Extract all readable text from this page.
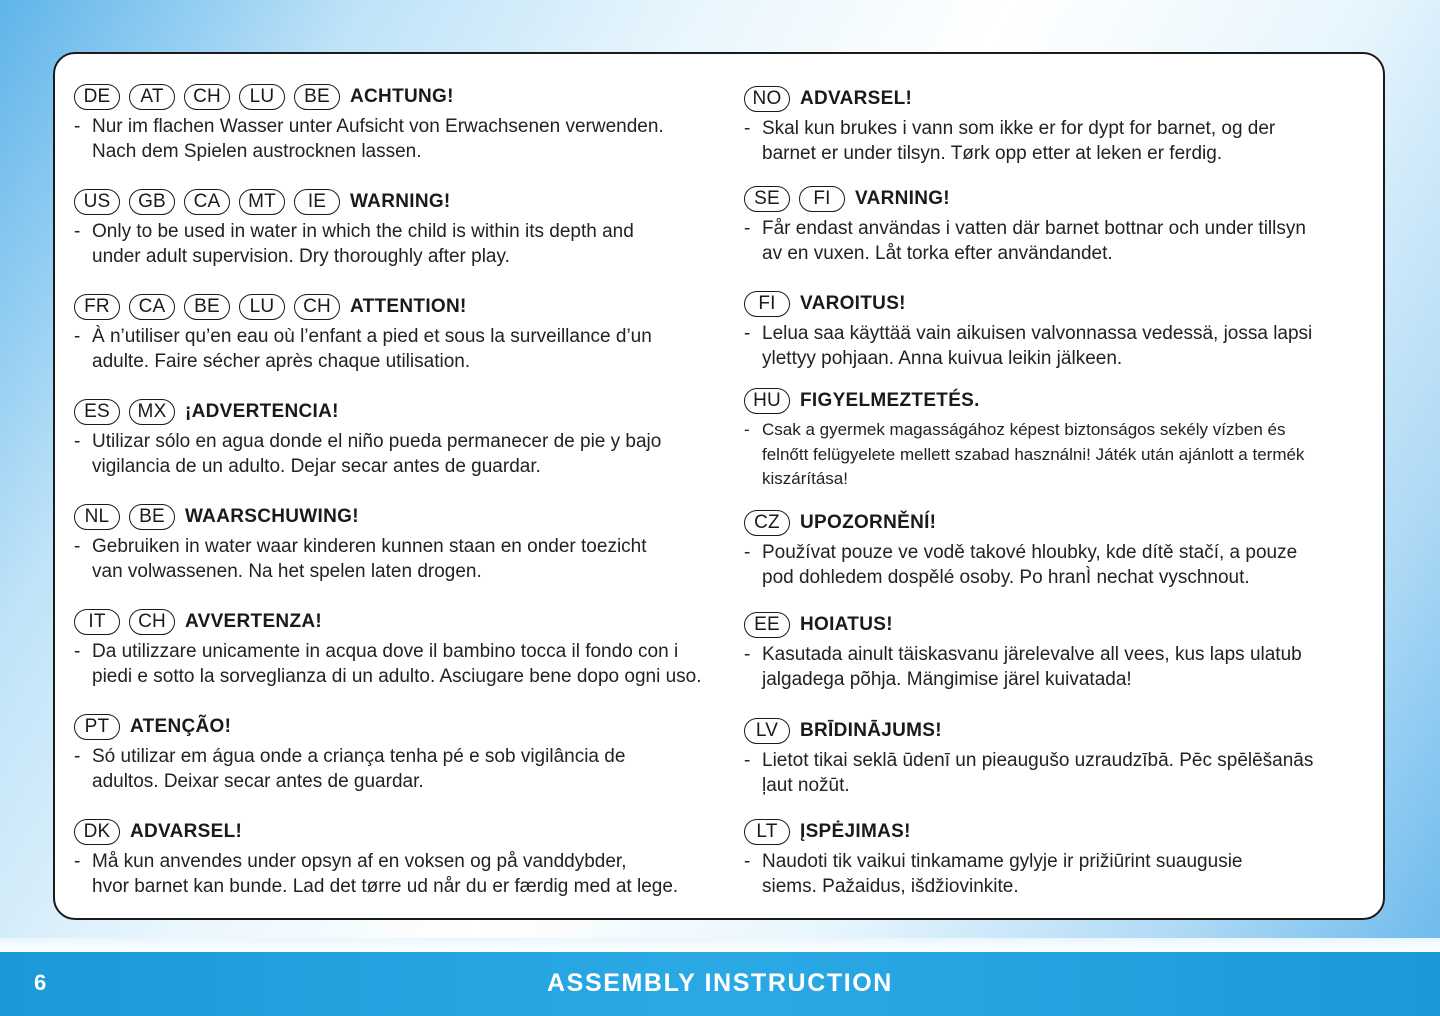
DE	AT	CH	LU	BE	ACHTUNG!
- Nur im flachen Wasser unter Aufsicht von Erwachsenen verwenden.
Nach dem Spielen austrocknen lassen.
US	GB	CA	MT	IE	WARNING!
- Only to be used in water in which the child is within its depth and
under adult supervision. Dry thoroughly after play.
FR	CA	BE	LU	CH	ATTENTION!
- À n’utiliser qu’en eau où l’enfant a pied et sous la surveillance d’un
adulte. Faire sécher après chaque utilisation.
ES	MX ¡ADVERTENCIA!
- Utilizar sólo en agua donde el niño pueda permanecer de pie y bajo
vigilancia de un adulto. Dejar secar antes de guardar.
NL	BE	WAARSCHUWING!
- Gebruiken in water waar kinderen kunnen staan en onder toezicht
van volwassenen. Na het spelen laten drogen.
IT	CH	AVVERTENZA!
- Da utilizzare unicamente in acqua dove il bambino tocca il fondo con i
piedi e sotto la sorveglianza di un adulto. Asciugare bene dopo ogni uso.
PT	ATENÇÃO!
- Só utilizar em água onde a criança tenha pé e sob vigilância de
adultos. Deixar secar antes de guardar.
DK	ADVARSEL!
- Må kun anvendes under opsyn af en voksen og på vanddybder,
hvor barnet kan bunde. Lad det tørre ud når du er færdig med at lege.
NO ADVARSEL!
- Skal kun brukes i vann som ikke er for dypt for barnet, og der
barnet er under tilsyn. Tørk opp etter at leken er ferdig.
SE	FI	VARNING!
- Får endast användas i vatten där barnet bottnar och under tillsyn
av en vuxen. Låt torka efter användandet.
FI	VAROITUS!
- Lelua saa käyttää vain aikuisen valvonnassa vedessä, jossa lapsi
ylettyy pohjaan. Anna kuivua leikin jälkeen.
HU	FIGYELMEZTETÉS.
- Csak a gyermek magasságához képest biztonságos sekély vízben és
felnőtt felügyelete mellett szabad használni! Játék után ajánlott a termék
kiszárítása!
CZ	UPOZORNĚNÍ!
- Používat pouze ve vodě takové hloubky, kde dítě stačí, a pouze
pod dohledem dospělé osoby. Po hranÌ nechat vyschnout.
EE	HOIATUS!
- Kasutada ainult täiskasvanu järelevalve all vees, kus laps ulatub
jalgadega põhja. Mängimise järel kuivatada!
LV	BRĪDINĀJUMS!
- Lietot tikai seklā ūdenī un pieaugušo uzraudzībā. Pēc spēlēšanās
ļaut nožūt.
LT	ĮSPĖJIMAS!
- Naudoti tik vaikui tinkamame gylyje ir prižiūrint suaugusie
siems. Pažaidus, išdžiovinkite.
6	ASSEMBLY INSTRUCTION
